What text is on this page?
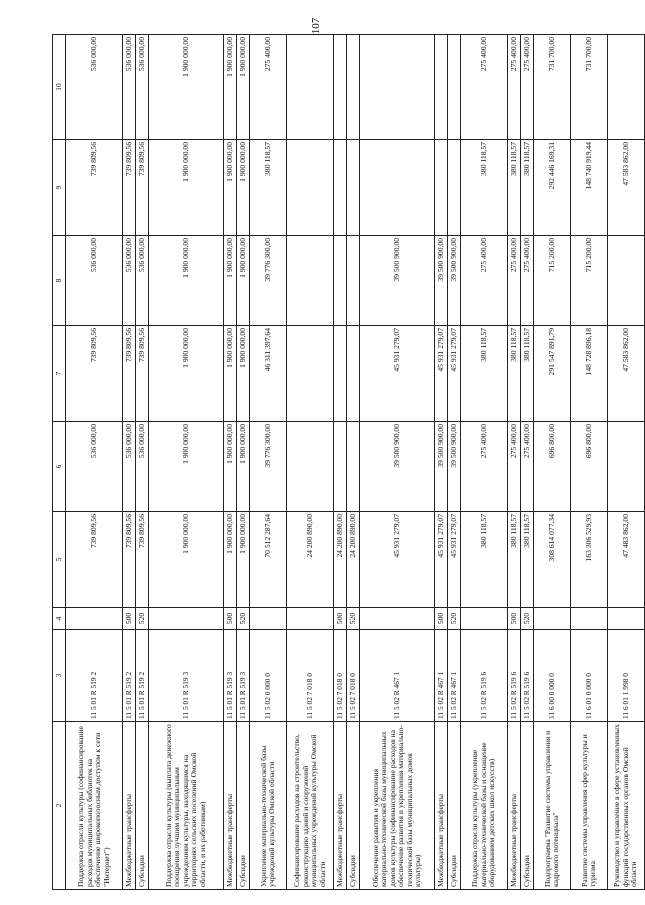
107
2	3	4	5	6	7	8	9	10
Поддержка отрасли культуры (софинансирование расходов муниципальных библиотек на обеспечение широкополосным доступом к сети "Интернет")	11 5 01 R 519 2		739 809,56	536 000,00	739 809,56	536 000,00	739 809,56	536 000,00
Межбюджетные трансферты	11 5 01 R 519 2	500	739 809,56	536 000,00	739 809,56	536 000,00	739 809,56	536 000,00
Субсидии	11 5 01 R 519 2	520	739 809,56	536 000,00	739 809,56	536 000,00	739 809,56	536 000,00
Поддержка отрасли культуры (выплата денежного поощрения лучшим муниципальным учреждениям культуры, находящимся на территориях сельских поселений Омской области, и их работникам)	11 5 01 R 519 3		1 900 000,00	1 900 000,00	1 900 000,00	1 900 000,00	1 900 000,00	1 900 000,00
Межбюджетные трансферты	11 5 01 R 519 3	500	1 900 000,00	1 900 000,00	1 900 000,00	1 900 000,00	1 900 000,00	1 900 000,00
Субсидии	11 5 01 R 519 3	520	1 900 000,00	1 900 000,00	1 900 000,00	1 900 000,00	1 900 000,00	1 900 000,00
Укрепление материально-технической базы учреждений культуры Омской области	11 5 02 0 000 0		70 512 287,64	39 776 300,00	46 311 397,64	39 776 300,00	380 118,57	275 400,00
Софинансирование расходов на строительство, реконструкцию зданий и сооружений муниципальных учреждений культуры Омской области	11 5 02 7 018 0		24 200 890,00					
Межбюджетные трансферты	11 5 02 7 018 0	500	24 200 890,00					
Субсидии	11 5 02 7 018 0	520	24 200 890,00					
Обеспечение развития и укрепления материально-технической базы муниципальных домов культуры (софинансирование расходов на обеспечение развития и укрепления материально-технической базы муниципальных домов культуры)	11 5 02 R 467 1		45 931 279,07	39 500 900,00	45 931 279,07	39 500 900,00		
Межбюджетные трансферты	11 5 02 R 467 1	500	45 931 279,07	39 500 900,00	45 931 279,07	39 500 900,00		
Субсидии	11 5 02 R 467 1	520	45 931 279,07	39 500 900,00	45 931 279,07	39 500 900,00		
Поддержка отрасли культуры (укрепление материально-технической базы и оснащение оборудованием детских школ искусств)	11 5 02 R 519 6		380 118,57	275 400,00	380 118,57	275 400,00	380 118,57	275 400,00
Межбюджетные трансферты	11 5 02 R 519 6	500	380 118,57	275 400,00	380 118,57	275 400,00	380 118,57	275 400,00
Субсидии	11 5 02 R 519 6	520	380 118,57	275 400,00	380 118,57	275 400,00	380 118,57	275 400,00
Подпрограмма "Развитие системы управления и кадрового потенциала"	11 6 00 0 000 0		308 614 077,34	696 800,00	291 547 891,79	715 200,00	292 446 169,31	731 700,00
Развитие системы управления сфер культуры и туризма	11 6 01 0 000 0		163 306 529,93	696 800,00	148 728 896,18	715 200,00	148 740 919,44	731 700,00
Руководство и управление в сфере установленных функций государственных органов Омской области	11 6 01 1 998 0		47 483 862,00		47 583 862,00		47 583 862,00	
